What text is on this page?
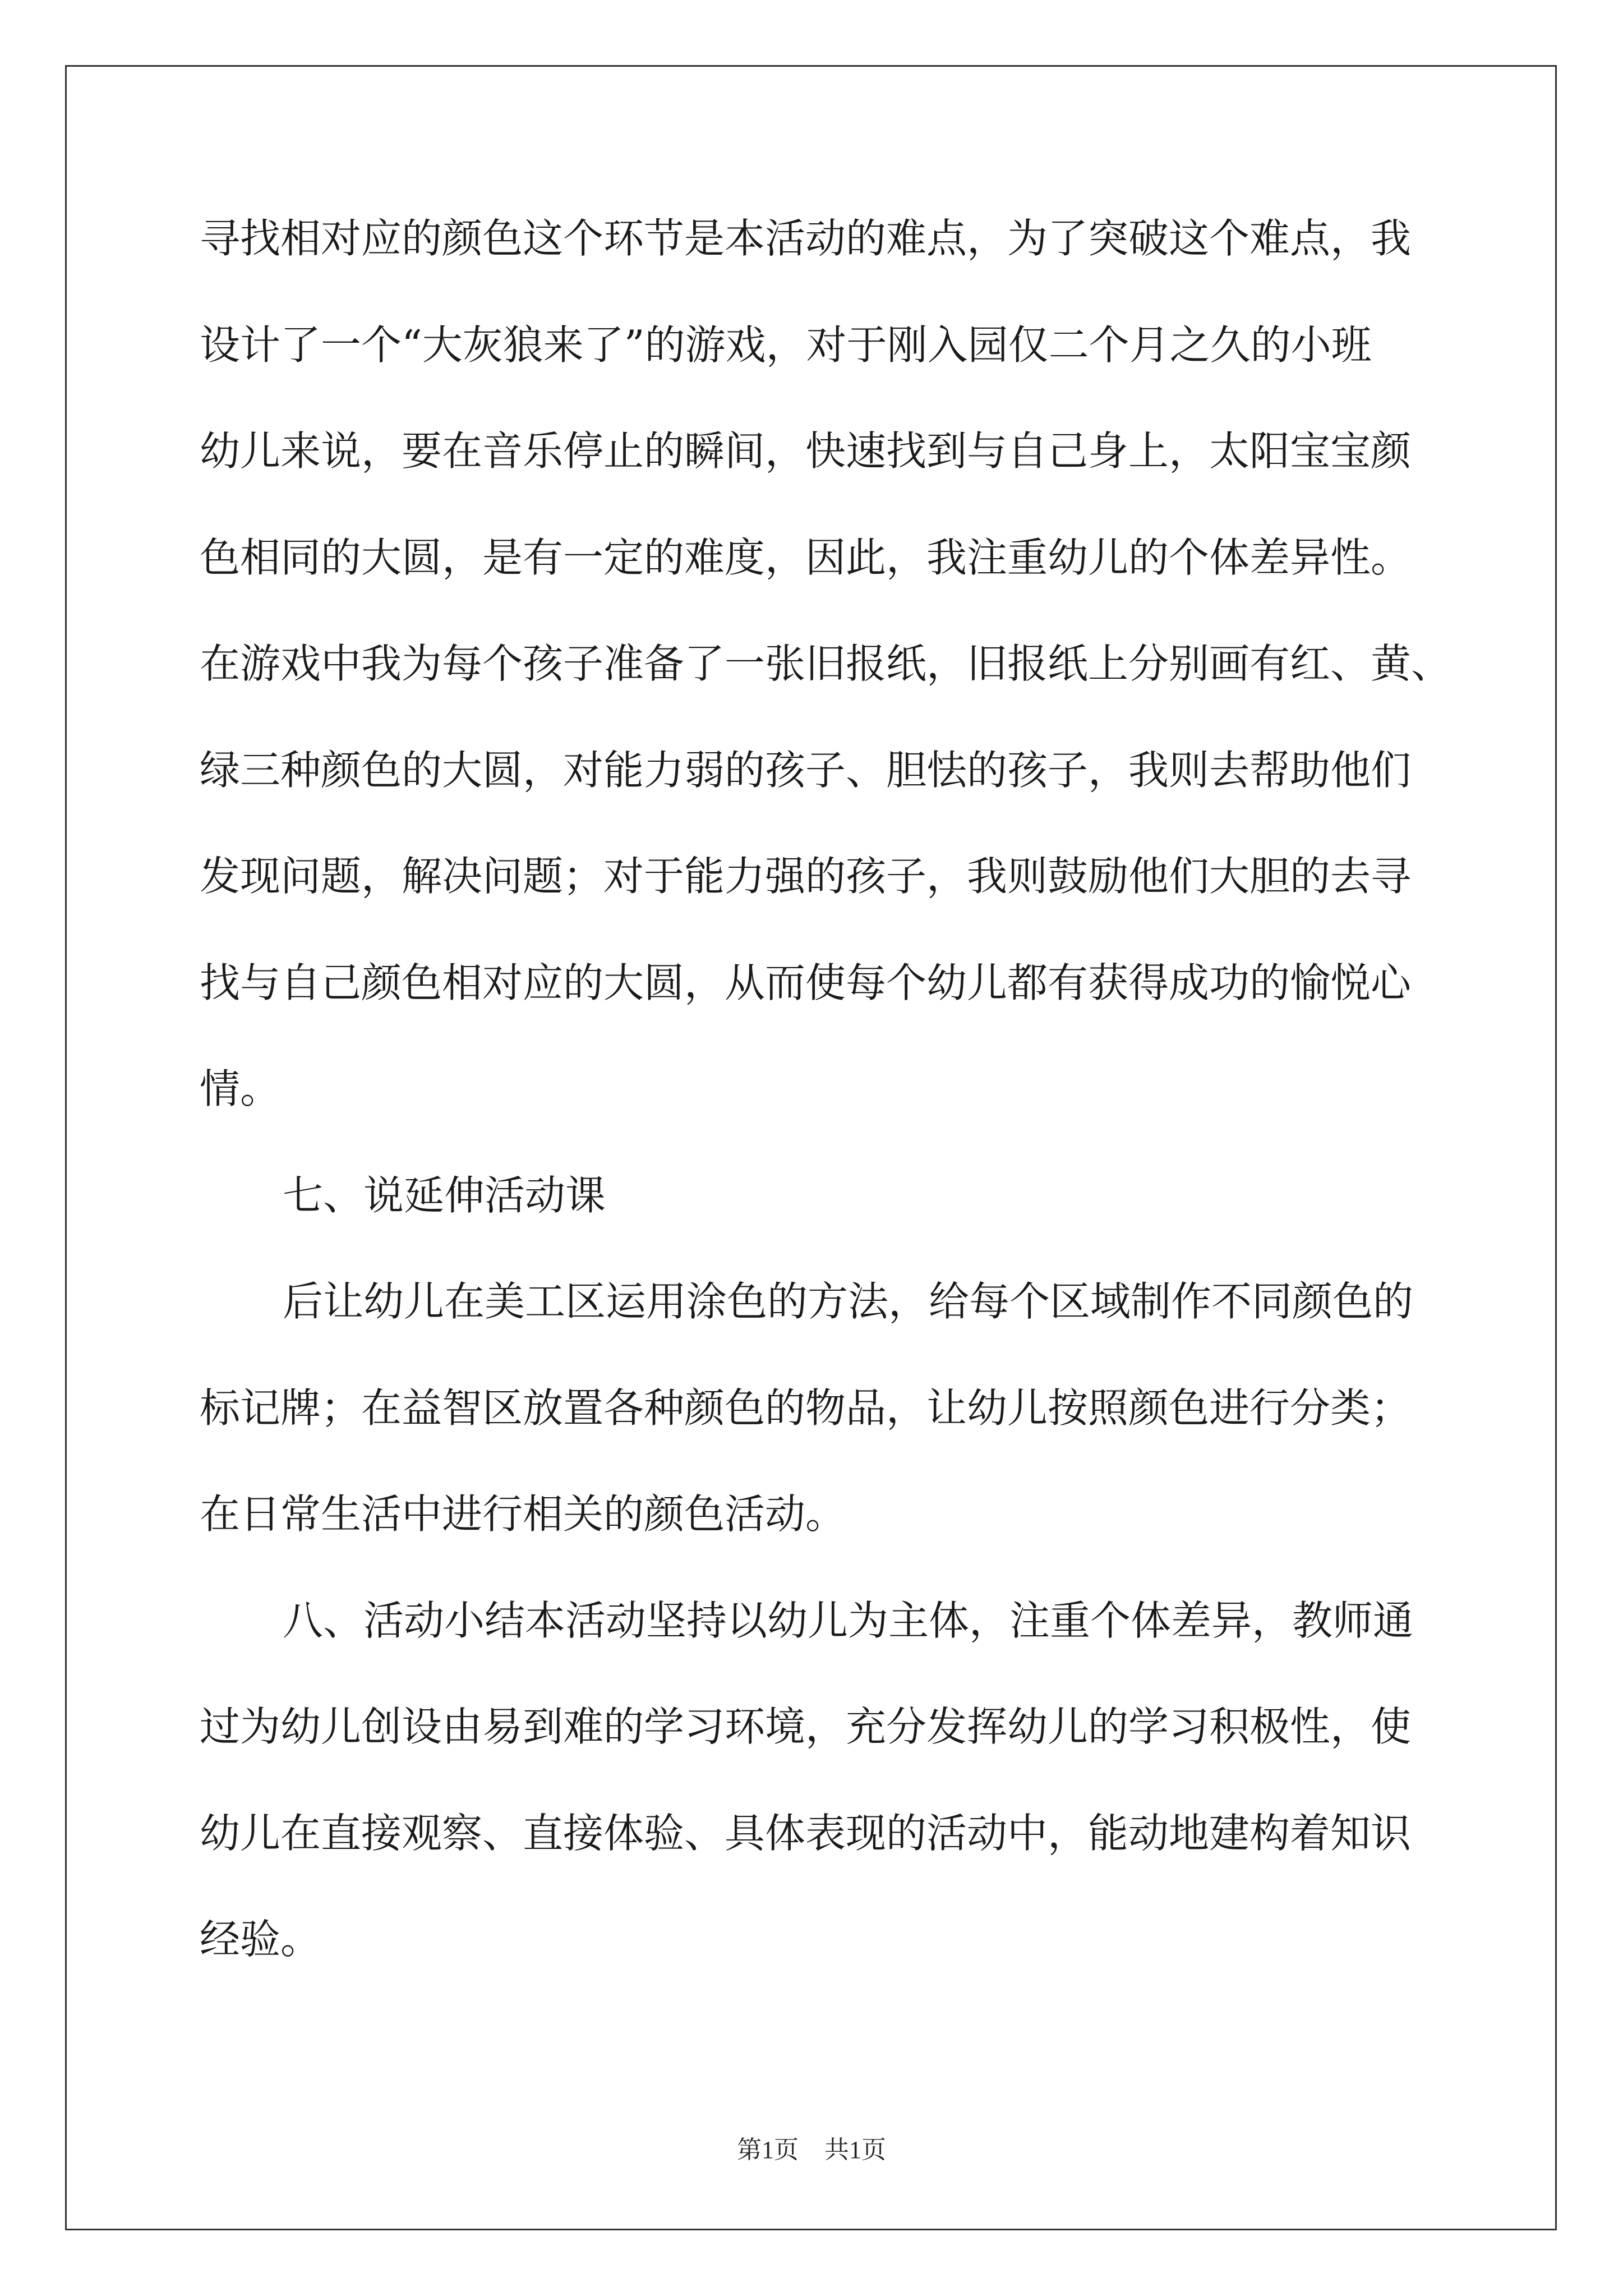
寻找相对应的颜色这个环节是本活动的难点，为了突破这个难点，我
设计了一个“大灰狼来了”的游戏，对于刚入园仅二个月之久的小班
幼儿来说，要在音乐停止的瞬间，快速找到与自己身上，太阳宝宝颜
色相同的大圆，是有一定的难度，因此，我注重幼儿的个体差异性。
在游戏中我为每个孩子准备了一张旧报纸，旧报纸上分别画有红、黄、
绿三种颜色的大圆，对能力弱的孩子、胆怯的孩子，我则去帮助他们
发现问题，解决问题；对于能力强的孩子，我则鼓励他们大胆的去寻
找与自己颜色相对应的大圆，从而使每个幼儿都有获得成功的愉悦心
情。
七、说延伸活动课
后让幼儿在美工区运用涂色的方法，给每个区域制作不同颜色的
标记牌；在益智区放置各种颜色的物品，让幼儿按照颜色进行分类；
在日常生活中进行相关的颜色活动。
八、活动小结本活动坚持以幼儿为主体，注重个体差异，教师通
过为幼儿创设由易到难的学习环境，充分发挥幼儿的学习积极性，使
幼儿在直接观察、直接体验、具体表现的活动中，能动地建构着知识
经验。
第1页 共1页
